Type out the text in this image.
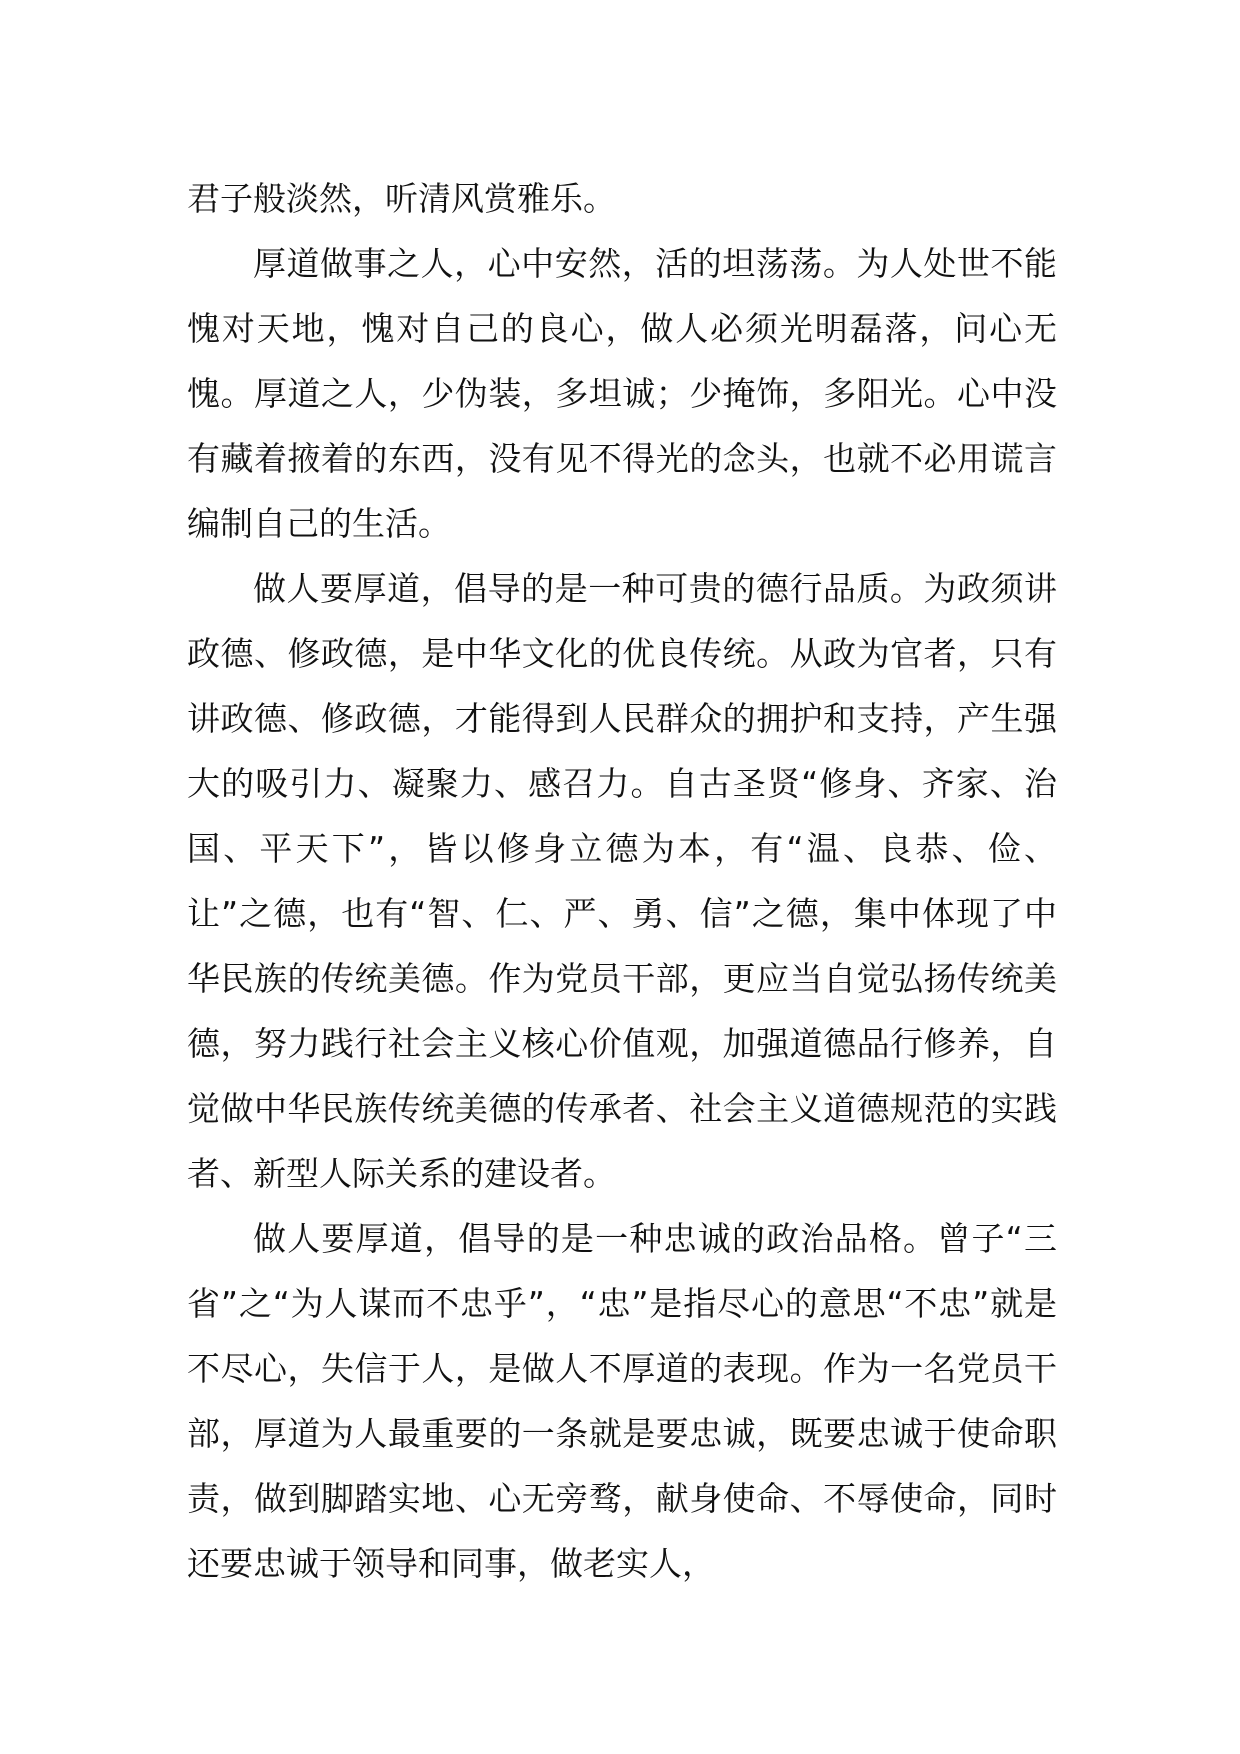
君子般淡然，听清风赏雅乐。

厚道做事之人，心中安然，活的坦荡荡。为人处世不能愧对天地，愧对自己的良心，做人必须光明磊落，问心无愧。厚道之人，少伪装，多坦诚；少掩饰，多阳光。心中没有藏着掖着的东西，没有见不得光的念头，也就不必用谎言编制自己的生活。

做人要厚道，倡导的是一种可贵的德行品质。为政须讲政德、修政德，是中华文化的优良传统。从政为官者，只有讲政德、修政德，才能得到人民群众的拥护和支持，产生强大的吸引力、凝聚力、感召力。自古圣贤“修身、齐家、治国、平天下”，皆以修身立德为本，有“温、良恭、俭、让”之德，也有“智、仁、严、勇、信”之德，集中体现了中华民族的传统美德。作为党员干部，更应当自觉弘扬传统美德，努力践行社会主义核心价值观，加强道德品行修养，自觉做中华民族传统美德的传承者、社会主义道德规范的实践者、新型人际关系的建设者。

做人要厚道，倡导的是一种忠诚的政治品格。曾子“三省”之“为人谋而不忠乎”，“忠”是指尽心的意思“不忠”就是不尽心，失信于人，是做人不厚道的表现。作为一名党员干部，厚道为人最重要的一条就是要忠诚，既要忠诚于使命职责，做到脚踏实地、心无旁骛，献身使命、不辱使命，同时还要忠诚于领导和同事，做老实人，
